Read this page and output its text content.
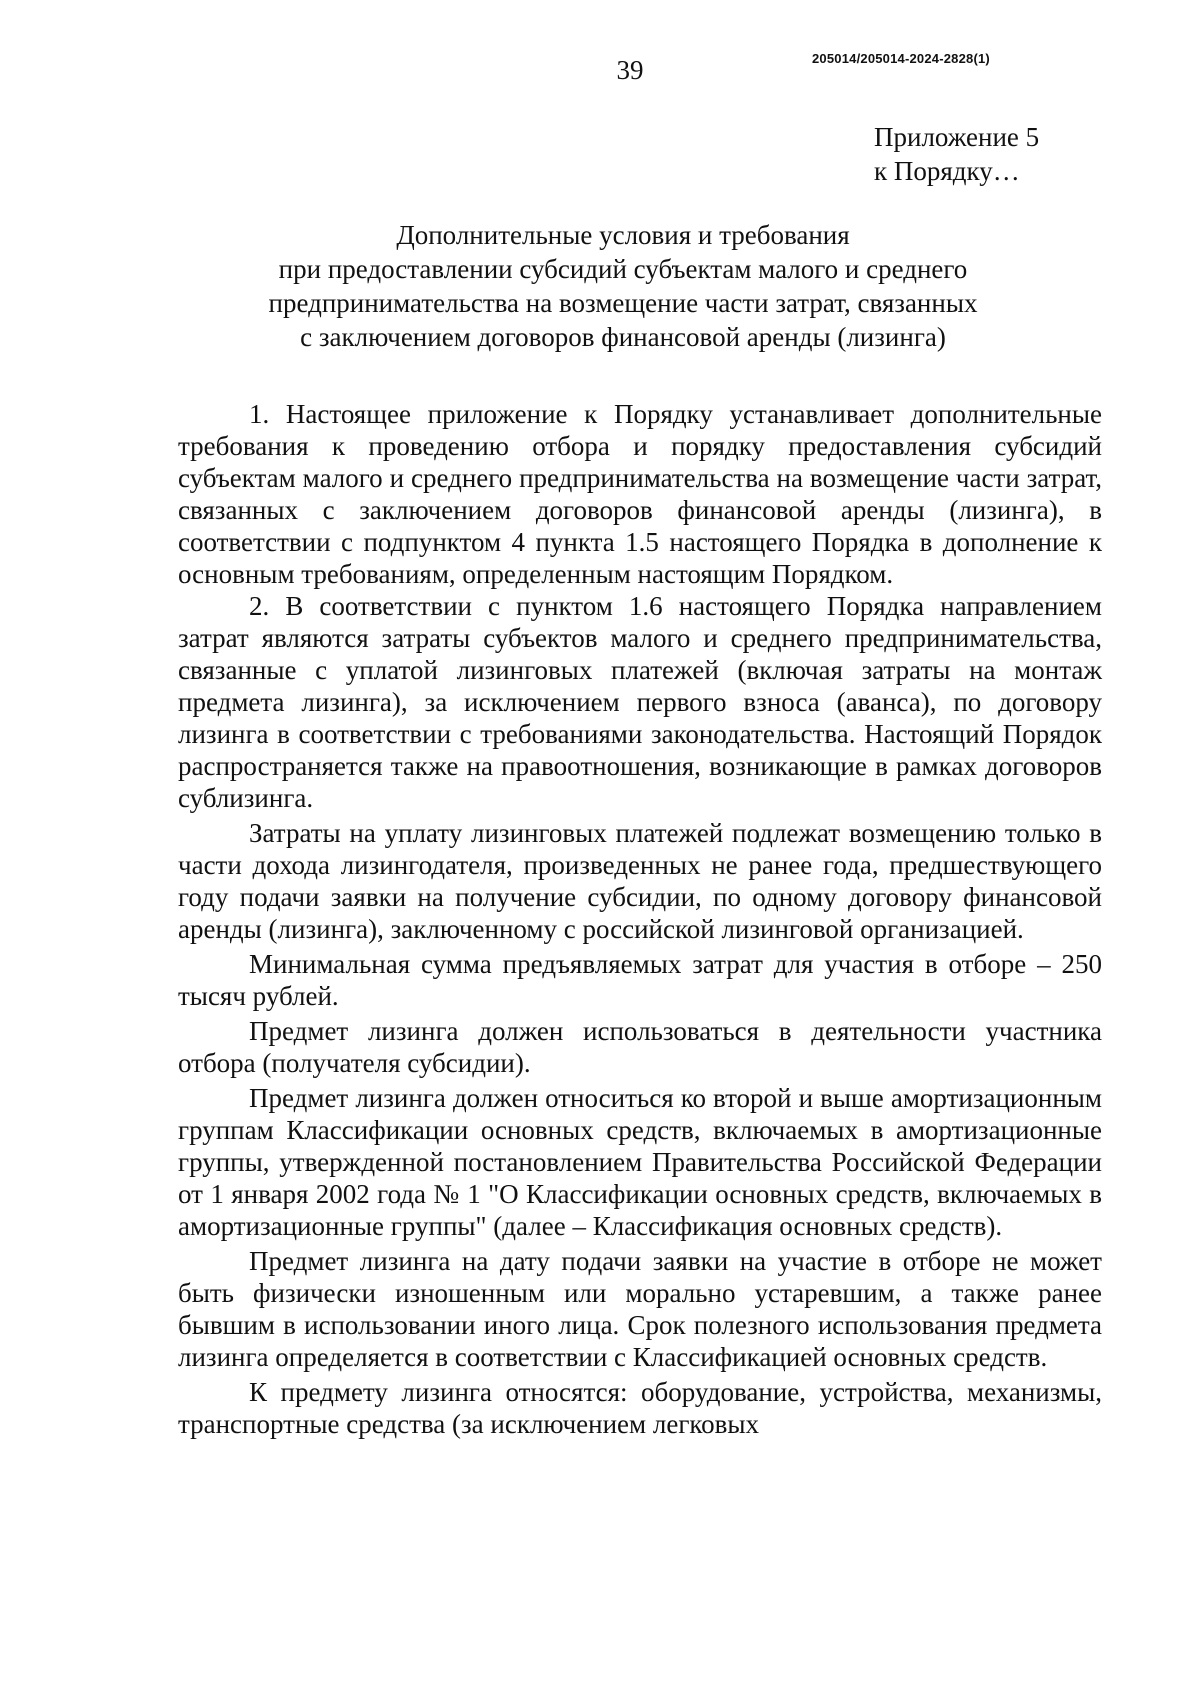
39	205014/205014-2024-2828(1)
Приложение 5
к Порядку…
Дополнительные условия и требования
при предоставлении субсидий субъектам малого и среднего
предпринимательства на возмещение части затрат, связанных
с заключением договоров финансовой аренды (лизинга)

1. Настоящее приложение к Порядку устанавливает дополнительные требования к проведению отбора и порядку предоставления субсидий субъектам малого и среднего предпринимательства на возмещение части затрат, связанных с заключением договоров финансовой аренды (лизинга), в соответствии с подпунктом 4 пункта 1.5 настоящего Порядка в дополнение к основным требованиям, определенным настоящим Порядком.

2. В соответствии с пунктом 1.6 настоящего Порядка направлением затрат являются затраты субъектов малого и среднего предпринимательства, связанные с уплатой лизинговых платежей (включая затраты на монтаж предмета лизинга), за исключением первого взноса (аванса), по договору лизинга в соответствии с требованиями законодательства. Настоящий Порядок распространяется также на правоотношения, возникающие в рамках договоров сублизинга.

Затраты на уплату лизинговых платежей подлежат возмещению только в части дохода лизингодателя, произведенных не ранее года, предшествующего году подачи заявки на получение субсидии, по одному договору финансовой аренды (лизинга), заключенному с российской лизинговой организацией.

Минимальная сумма предъявляемых затрат для участия в отборе – 250 тысяч рублей.

Предмет лизинга должен использоваться в деятельности участника отбора (получателя субсидии).

Предмет лизинга должен относиться ко второй и выше амортизационным группам Классификации основных средств, включаемых в амортизационные группы, утвержденной постановлением Правительства Российской Федерации от 1 января 2002 года № 1 "О Классификации основных средств, включаемых в амортизационные группы" (далее – Классификация основных средств).

Предмет лизинга на дату подачи заявки на участие в отборе не может быть физически изношенным или морально устаревшим, а также ранее бывшим в использовании иного лица. Срок полезного использования предмета лизинга определяется в соответствии с Классификацией основных средств.

К предмету лизинга относятся: оборудование, устройства, механизмы, транспортные средства (за исключением легковых
